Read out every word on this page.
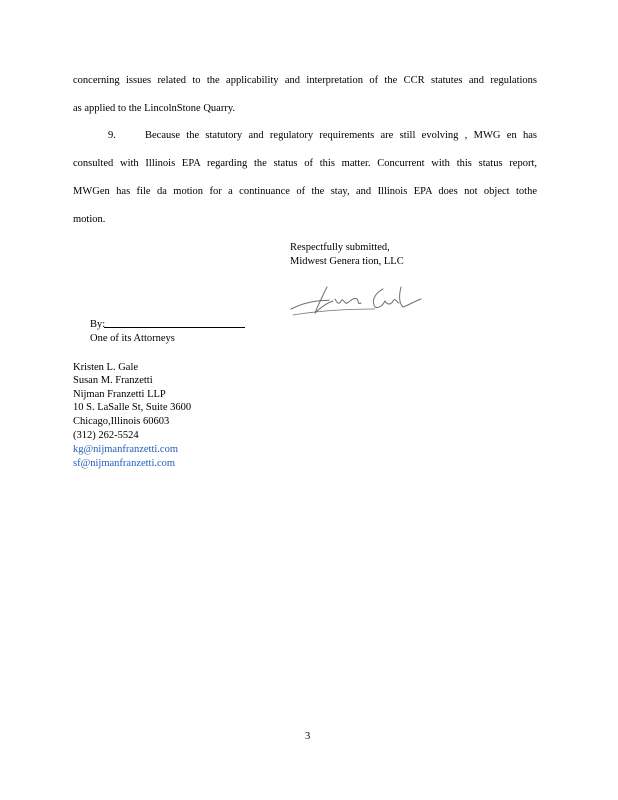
concerning issues related to the applicability and interpretation of the CCR statutes and regulations
as applied to the LincolnStone Quarry.
9.	Because the statutory and regulatory requirements are still evolving , MWG en has
consulted with Illinois EPA regarding the status of this matter. Concurrent with this status report,
MWGen has file da motion for a continuance of the stay, and Illinois EPA does not object tothe
motion.
Respectfully submitted,
Midwest Genera tion, LLC
By:
One of its Attorneys
Kristen L. Gale
Susan M. Franzetti
Nijman Franzetti LLP
10 S. LaSalle St, Suite 3600
Chicago,Illinois 60603
(312) 262-5524
kg@nijmanfranzetti.com
sf@nijmanfranzetti.com
3
